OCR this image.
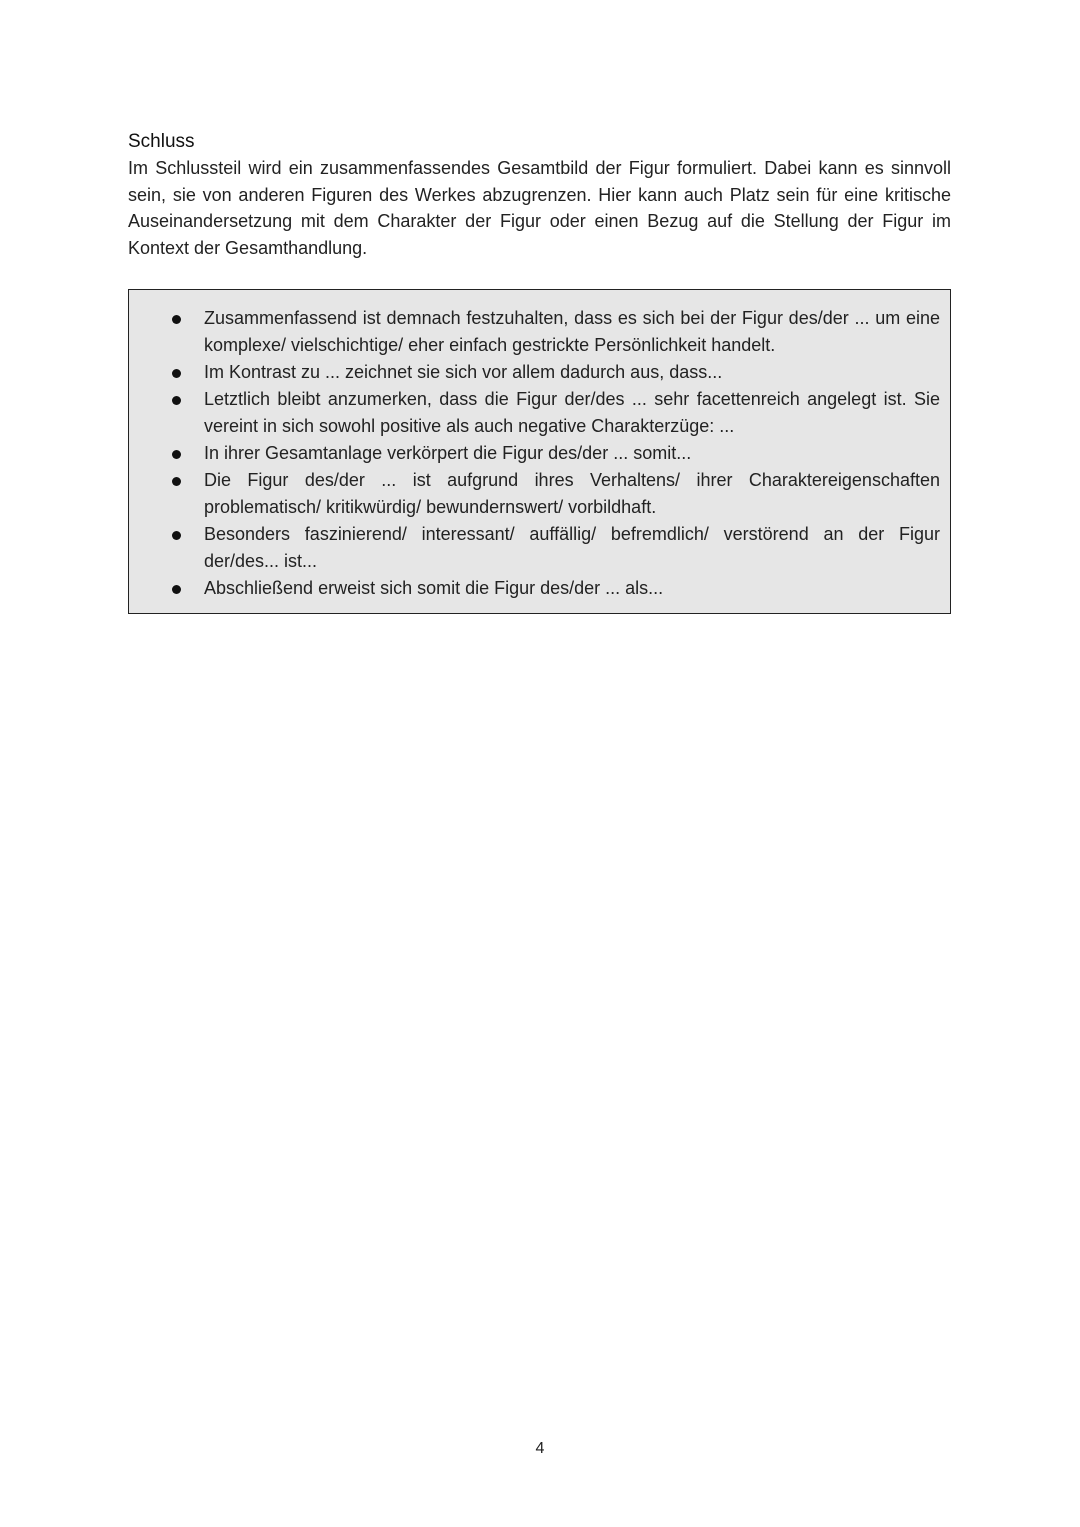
Schluss

Im Schlussteil wird ein zusammenfassendes Gesamtbild der Figur formuliert. Dabei kann es sinnvoll sein, sie von anderen Figuren des Werkes abzugrenzen. Hier kann auch Platz sein für eine kritische Auseinandersetzung mit dem Charakter der Figur oder einen Bezug auf die Stellung der Figur im Kontext der Gesamthandlung.

Zusammenfassend ist demnach festzuhalten, dass es sich bei der Figur des/der ... um eine komplexe/ vielschichtige/ eher einfach gestrickte Persönlichkeit handelt.
Im Kontrast zu ... zeichnet sie sich vor allem dadurch aus, dass...
Letztlich bleibt anzumerken, dass die Figur der/des ... sehr facettenreich angelegt ist. Sie vereint in sich sowohl positive als auch negative Charakterzüge: ...
In ihrer Gesamtanlage verkörpert die Figur des/der ... somit...
Die Figur des/der ... ist aufgrund ihres Verhaltens/ ihrer Charaktereigenschaften problematisch/ kritikwürdig/ bewundernswert/ vorbildhaft.
Besonders faszinierend/ interessant/ auffällig/ befremdlich/ verstörend an der Figur der/des... ist...
Abschließend erweist sich somit die Figur des/der ... als...
4
